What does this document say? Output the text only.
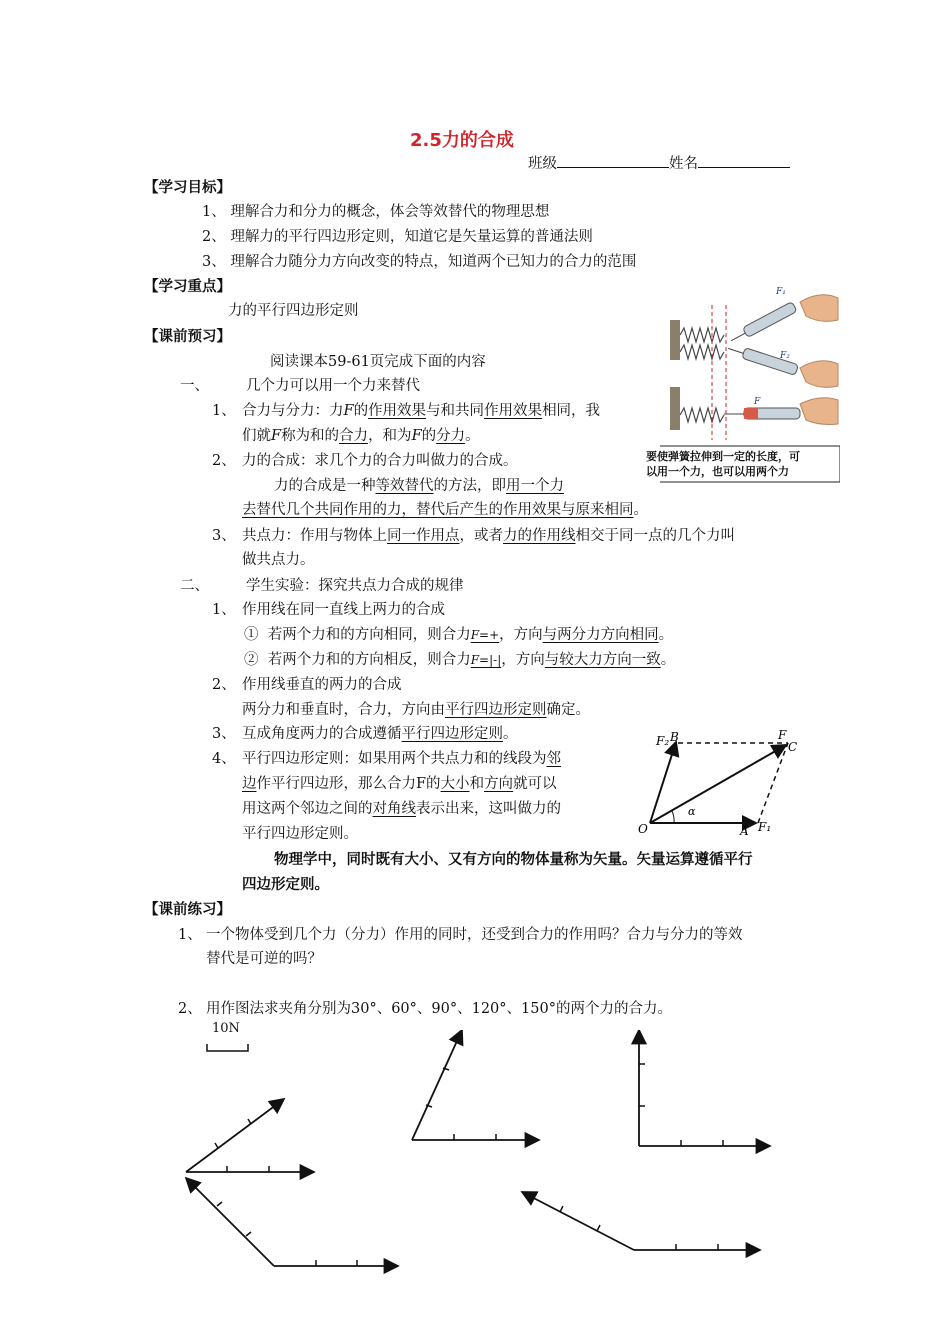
2.5力的合成
班级	姓名
【学习目标】
1、 理解合力和分力的概念，体会等效替代的物理思想
2、 理解力的平行四边形定则，知道它是矢量运算的普通法则
3、 理解合力随分力方向改变的特点，知道两个已知力的合力的范围
【学习重点】
力的平行四边形定则
【课前预习】
阅读课本59-61页完成下面的内容
一、	几个力可以用一个力来替代
1、 合力与分力：力F的作用效果与和共同作用效果相同，我
们就F称为和的合力，和为F的分力。
2、 力的合成：求几个力的合力叫做力的合成。
力的合成是一种等效替代的方法，即用一个力
去替代几个共同作用的力，替代后产生的作用效果与原来相同。
3、 共点力：作用与物体上同一作用点，或者力的作用线相交于同一点的几个力叫
做共点力。
二、	学生实验：探究共点力合成的规律
1、 作用线在同一直线上两力的合成
① 若两个力和的方向相同，则合力F=+，方向与两分力方向相同。
② 若两个力和的方向相反，则合力F=|-|，方向与较大力方向一致。
2、 作用线垂直的两力的合成
两分力和垂直时，合力，方向由平行四边形定则确定。
3、 互成角度两力的合成遵循平行四边形定则。
4、 平行四边形定则：如果用两个共点力和的线段为邻
边作平行四边形，那么合力F的大小和方向就可以
用这两个邻边之间的对角线表示出来，这叫做力的
平行四边形定则。
物理学中，同时既有大小、又有方向的物体量称为矢量。矢量运算遵循平行
四边形定则。
【课前练习】
1、 一个物体受到几个力（分力）作用的同时，还受到合力的作用吗？合力与分力的等效
替代是可逆的吗？
2、 用作图法求夹角分别为30°、60°、90°、120°、150°的两个力的合力。
10N
F₁
F₂
F
要使弹簧拉伸到一定的长度，可
以用一个力，也可以用两个力
F₂ B	F
C
α
O	A F₁
